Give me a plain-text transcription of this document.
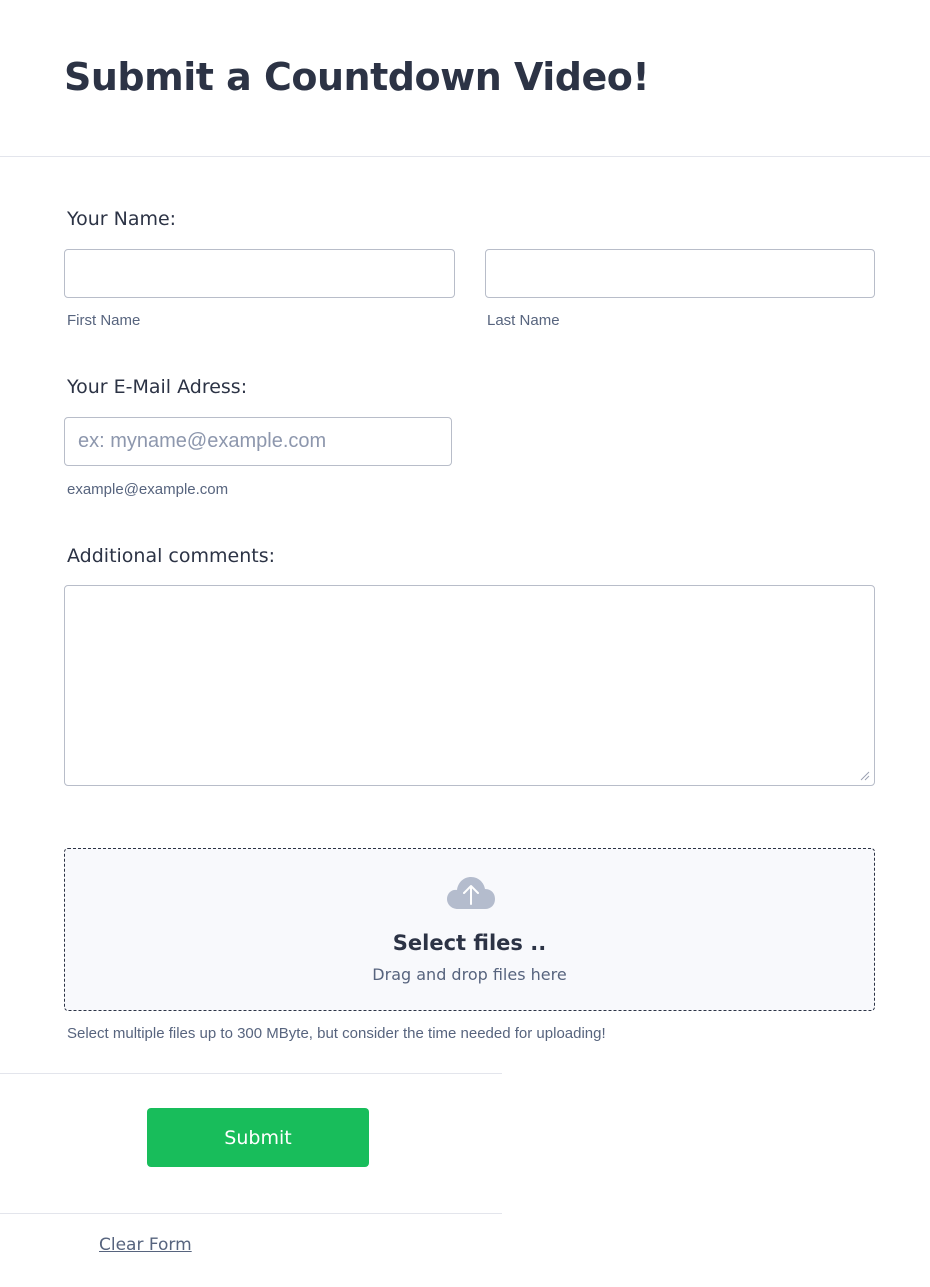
Submit a Countdown Video!
Your Name:
First Name	Last Name
Your E-Mail Adress:
ex: myname@example.com
example@example.com
Additional comments:
Select files ..
Drag and drop files here
Select multiple files up to 300 MByte, but consider the time needed for uploading!
Submit
Clear Form
